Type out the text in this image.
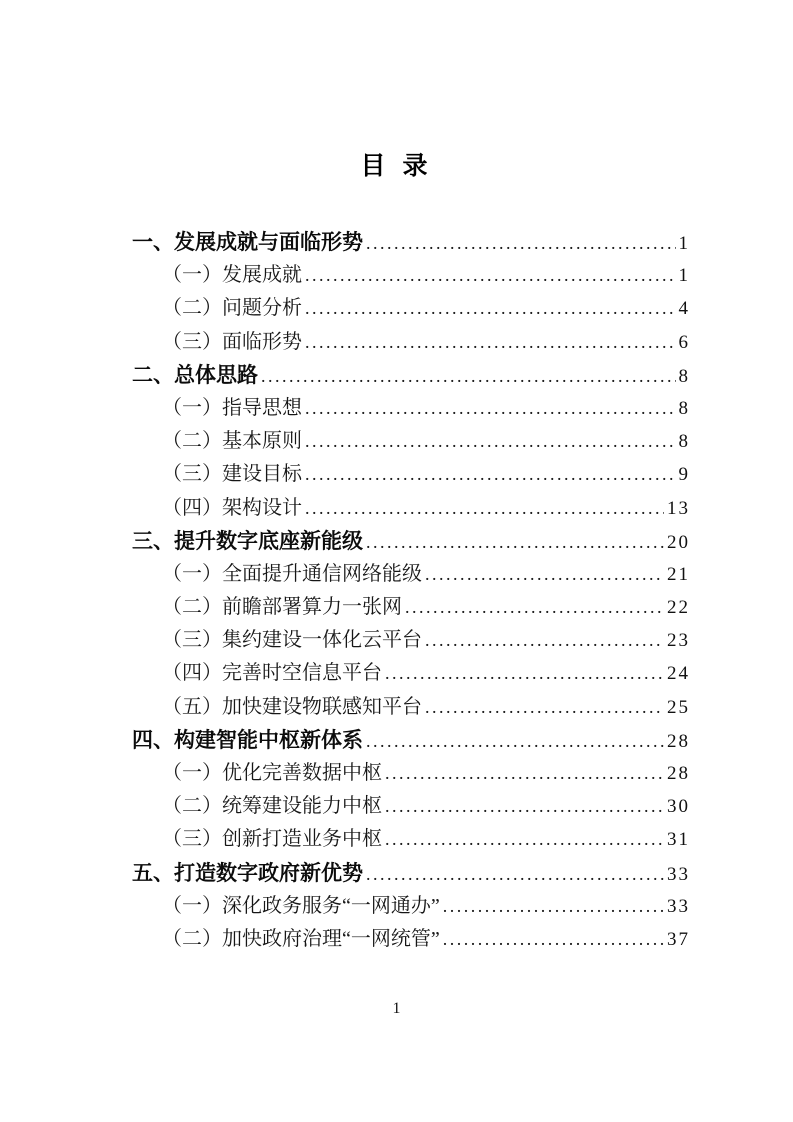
目 录
一、发展成就与面临形势 .....	1
（一）发展成就 .....	1
（二）问题分析 .....	4
（三）面临形势 .....	6
二、总体思路 .....	8
（一）指导思想 .....	8
（二）基本原则 .....	8
（三）建设目标 .....	9
（四）架构设计 .....	13
三、提升数字底座新能级 .....	20
（一）全面提升通信网络能级 .....	21
（二）前瞻部署算力一张网 .....	22
（三）集约建设一体化云平台 .....	23
（四）完善时空信息平台 .....	24
（五）加快建设物联感知平台 .....	25
四、构建智能中枢新体系 .....	28
（一）优化完善数据中枢 .....	28
（二）统筹建设能力中枢 .....	30
（三）创新打造业务中枢 .....	31
五、打造数字政府新优势 .....	33
（一）深化政务服务“一网通办” .....	33
（二）加快政府治理“一网统管” .....	37
1
